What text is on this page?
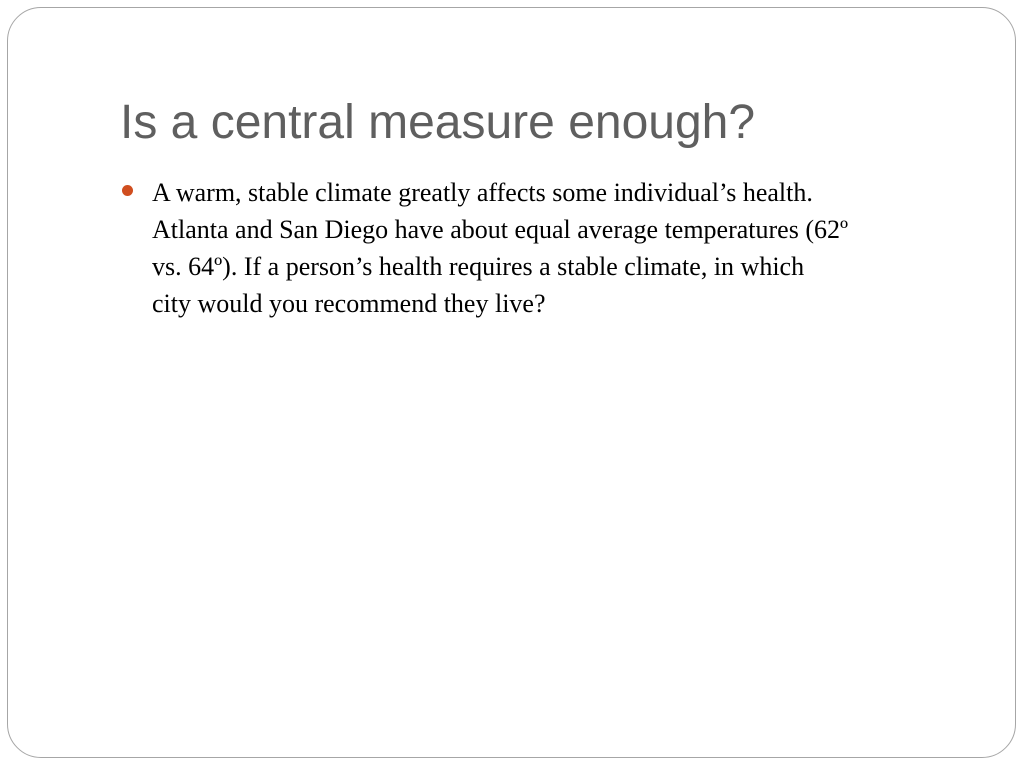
Is a central measure enough?
A warm, stable climate greatly affects some individual’s health.
Atlanta and San Diego have about equal average temperatures (62º
vs. 64º). If a person’s health requires a stable climate, in which
city would you recommend they live?
